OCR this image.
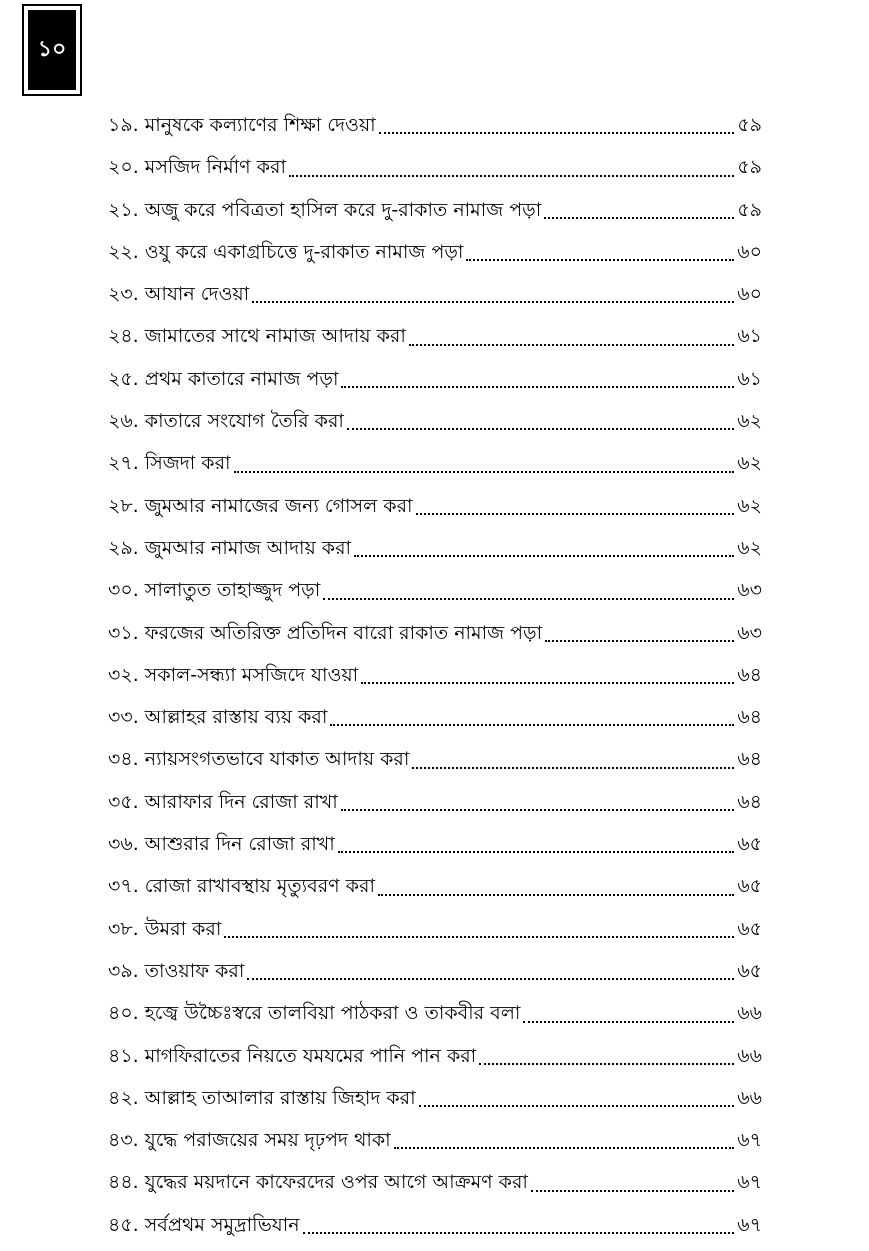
১০
১৯. মানুষকে কল্যাণের শিক্ষা দেওয়া	৫৯
২০. মসজিদ নির্মাণ করা	৫৯
২১. অজু করে পবিত্রতা হাসিল করে দু-রাকাত নামাজ পড়া	৫৯
২২. ওযু করে একাগ্রচিত্তে দু-রাকাত নামাজ পড়া	৬০
২৩. আযান দেওয়া	৬০
২৪. জামাতের সাথে নামাজ আদায় করা	৬১
২৫. প্রথম কাতারে নামাজ পড়া	৬১
২৬. কাতারে সংযোগ তৈরি করা	৬২
২৭. সিজদা করা	৬২
২৮. জুমআর নামাজের জন্য গোসল করা	৬২
২৯. জুমআর নামাজ আদায় করা	৬২
৩০. সালাতুত তাহাজ্জুদ পড়া	৬৩
৩১. ফরজের অতিরিক্ত প্রতিদিন বারো রাকাত নামাজ পড়া	৬৩
৩২. সকাল-সন্ধ্যা মসজিদে যাওয়া	৬৪
৩৩. আল্লাহর রাস্তায় ব্যয় করা	৬৪
৩৪. ন্যায়সংগতভাবে যাকাত আদায় করা	৬৪
৩৫. আরাফার দিন রোজা রাখা	৬৪
৩৬. আশুরার দিন রোজা রাখা	৬৫
৩৭. রোজা রাখাবস্থায় মৃত্যুবরণ করা	৬৫
৩৮. উমরা করা	৬৫
৩৯. তাওয়াফ করা	৬৫
৪০. হজ্বে উচ্চৈঃস্বরে তালবিয়া পাঠকরা ও তাকবীর বলা	৬৬
৪১. মাগফিরাতের নিয়তে যমযমের পানি পান করা	৬৬
৪২. আল্লাহ তাআলার রাস্তায় জিহাদ করা	৬৬
৪৩. যুদ্ধে পরাজয়ের সময় দৃঢ়পদ থাকা	৬৭
৪৪. যুদ্ধের ময়দানে কাফেরদের ওপর আগে আক্রমণ করা	৬৭
৪৫. সর্বপ্রথম সমুদ্রাভিযান	৬৭
